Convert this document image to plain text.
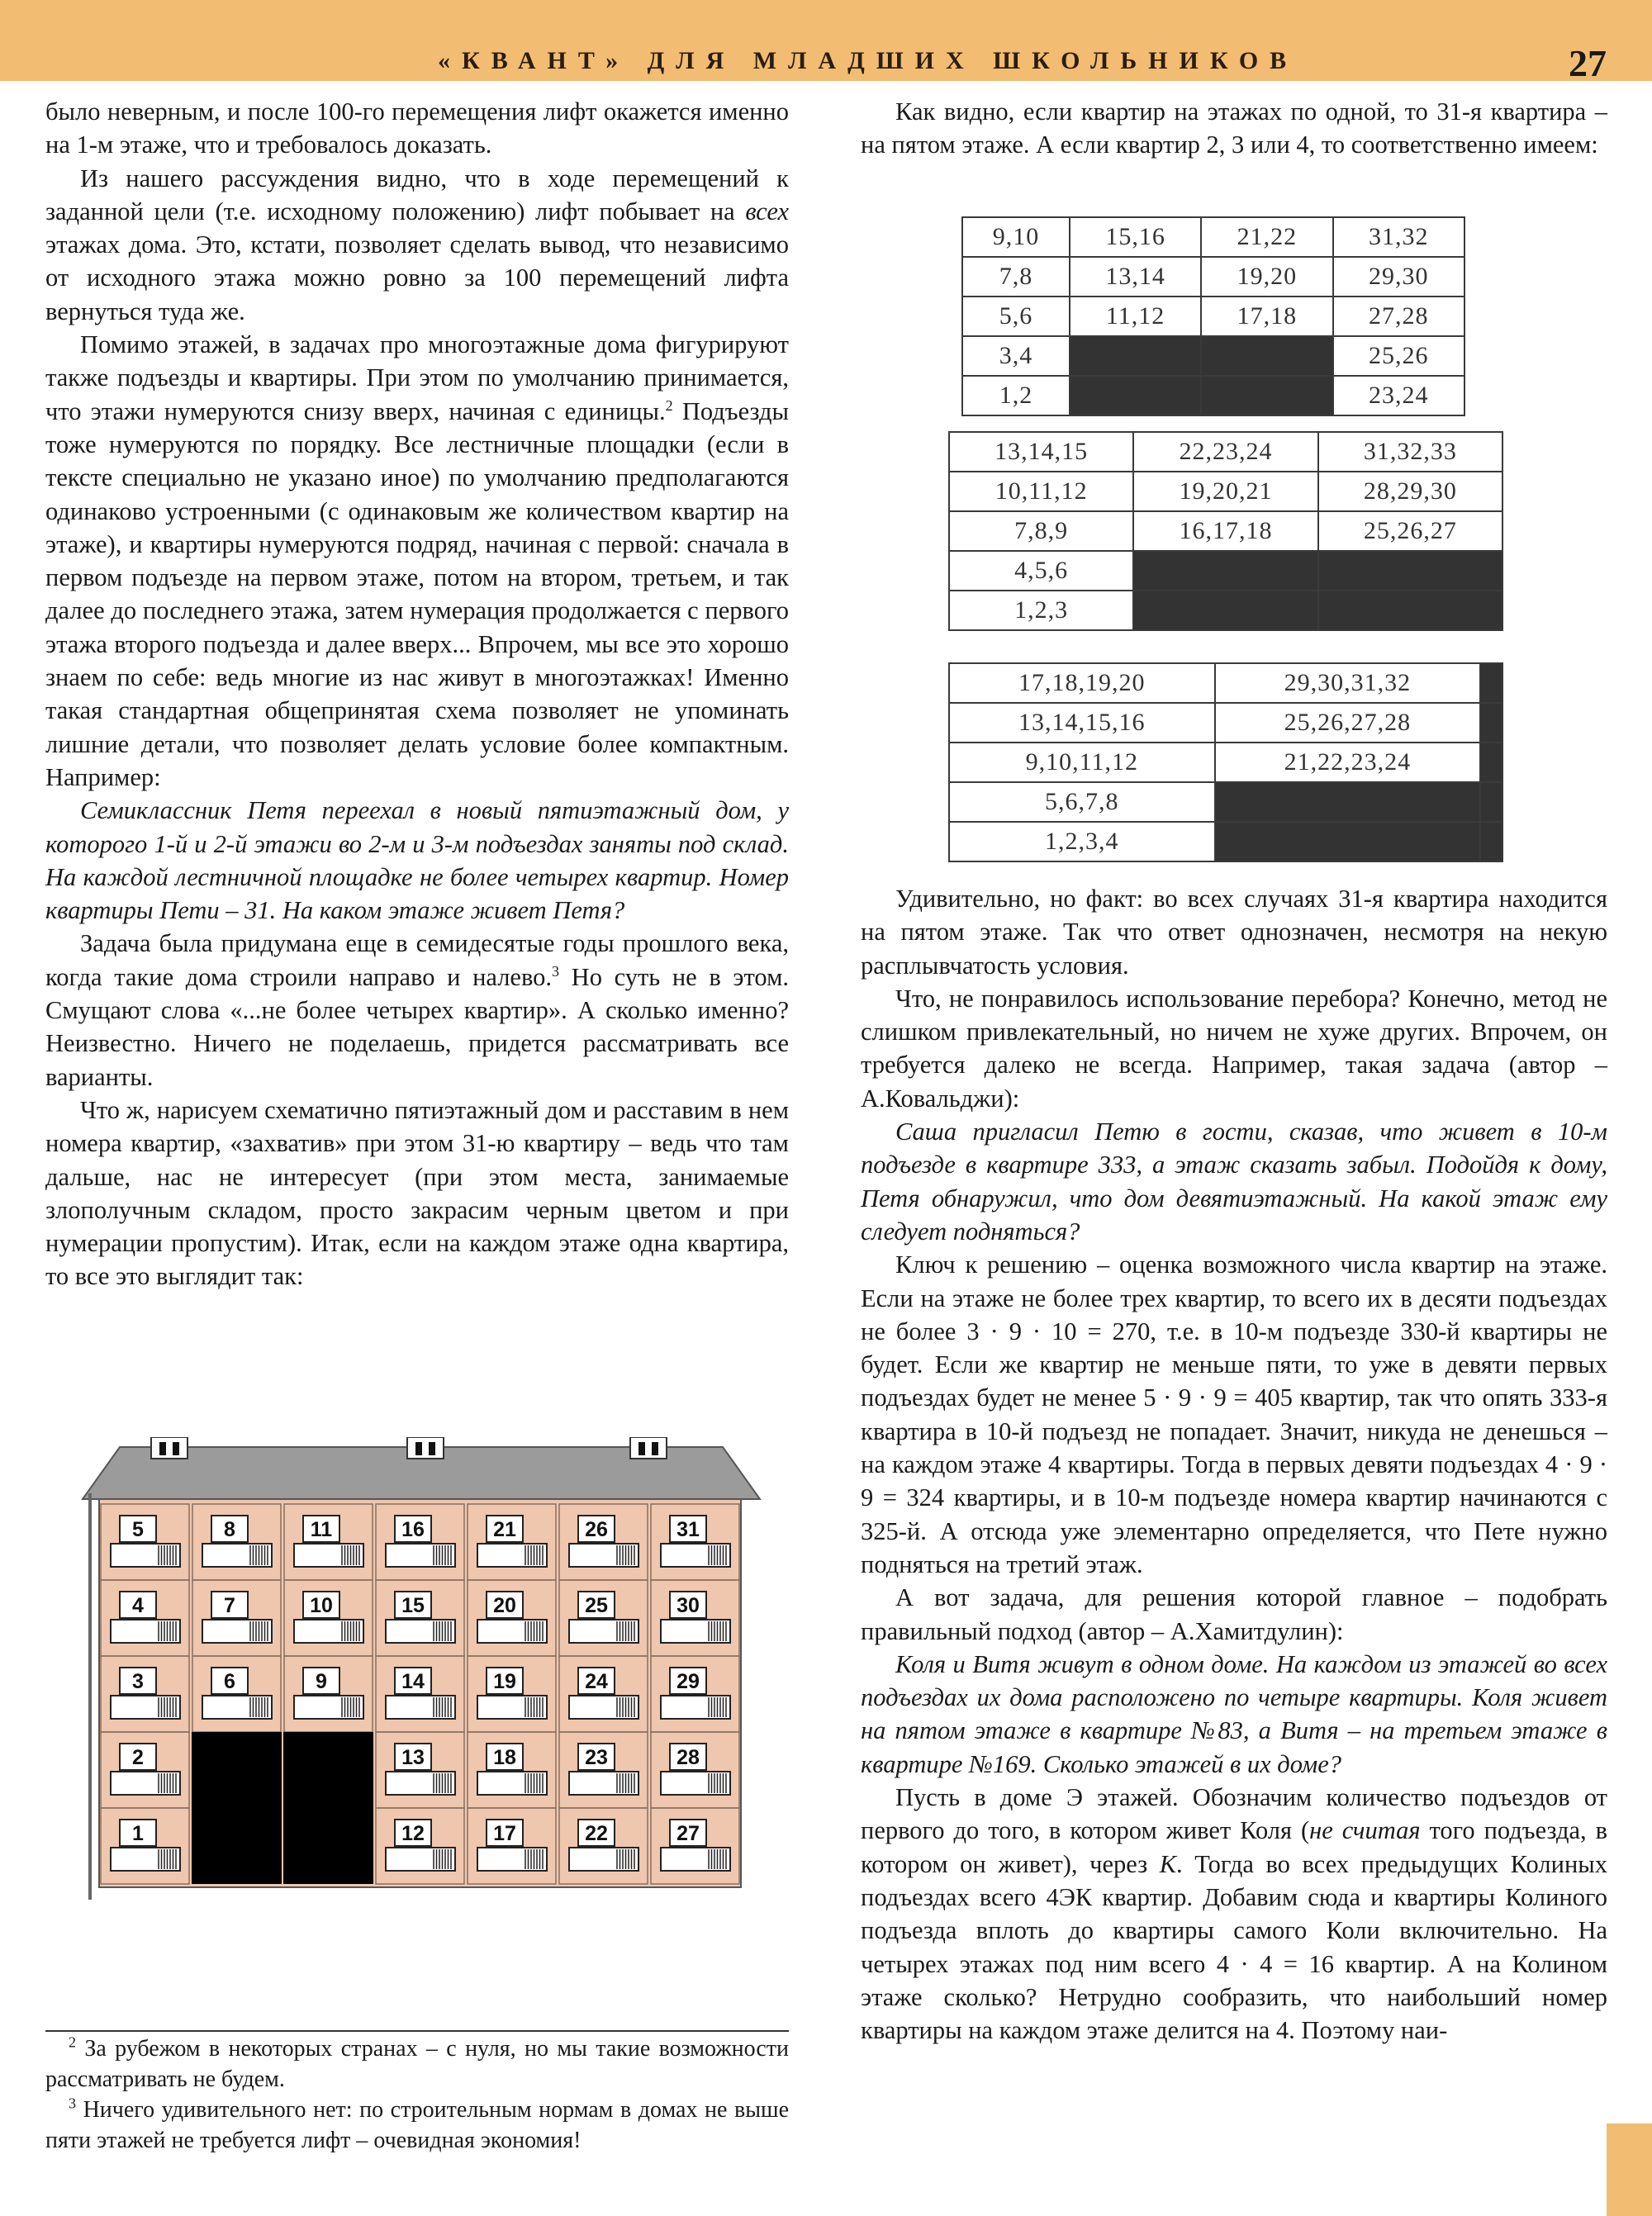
«КВАНТ» ДЛЯ МЛАДШИХ ШКОЛЬНИКОВ	27

было неверным, и после 100-го перемещения лифт окажется именно на 1-м этаже, что и требовалось доказать.

Из нашего рассуждения видно, что в ходе перемещений к заданной цели (т.е. исходному положению) лифт побывает на всех этажах дома. Это, кстати, позволяет сделать вывод, что независимо от исходного этажа можно ровно за 100 перемещений лифта вернуться туда же.

Помимо этажей, в задачах про многоэтажные дома фигурируют также подъезды и квартиры. При этом по умолчанию принимается, что этажи нумеруются снизу вверх, начиная с единицы.$^2$ Подъезды тоже нумеруются по порядку. Все лестничные площадки (если в тексте специально не указано иное) по умолчанию предполагаются одинаково устроенными (с одинаковым же количеством квартир на этаже), и квартиры нумеруются подряд, начиная с первой: сначала в первом подъезде на первом этаже, потом на втором, третьем, и так далее до последнего этажа, затем нумерация продолжается с первого этажа второго подъезда и далее вверх... Впрочем, мы все это хорошо знаем по себе: ведь многие из нас живут в многоэтажках! Именно такая стандартная общепринятая схема позволяет не упоминать лишние детали, что позволяет делать условие более компактным. Например:

Семиклассник Петя переехал в новый пятиэтажный дом, у которого 1-й и 2-й этажи во 2-м и 3-м подъездах заняты под склад. На каждой лестничной площадке не более четырех квартир. Номер квартиры Пети – 31. На каком этаже живет Петя?

Задача была придумана еще в семидесятые годы прошлого века, когда такие дома строили направо и налево.$^3$ Но суть не в этом. Смущают слова «...не более четырех квартир». А сколько именно? Неизвестно. Ничего не поделаешь, придется рассматривать все варианты.

Что ж, нарисуем схематично пятиэтажный дом и расставим в нем номера квартир, «захватив» при этом 31-ю квартиру – ведь что там дальше, нас не интересует (при этом места, занимаемые злополучным складом, просто закрасим черным цветом и при нумерации пропустим). Итак, если на каждом этаже одна квартира, то все это выглядит так:

5
4
3
2
1
8
7
6
11
10
9
16
15
14
13
12
21
20
19
18
17
26
25
24
23
22
31
30
29
28
27

 $^2$ За рубежом в некоторых странах – с нуля, но мы такие возможности рассматривать не будем.

 $^3$ Ничего удивительного нет: по строительным нормам в домах не выше пяти этажей не требуется лифт – очевидная экономия!

Как видно, если квартир на этажах по одной, то 31-я квартира – на пятом этаже. А если квартир 2, 3 или 4, то соответственно имеем:

9,10	15,16	21,22	31,32
7,8	13,14	19,20	29,30
5,6	11,12	17,18	27,28
3,4			25,26
1,2			23,24
13,14,15	22,23,24	31,32,33
10,11,12	19,20,21	28,29,30
7,8,9	16,17,18	25,26,27
4,5,6		
1,2,3		
17,18,19,20	29,30,31,32	
13,14,15,16	25,26,27,28	
9,10,11,12	21,22,23,24	
5,6,7,8		
1,2,3,4		

Удивительно, но факт: во всех случаях 31-я квартира находится на пятом этаже. Так что ответ однозначен, несмотря на некую расплывчатость условия.

Что, не понравилось использование перебора? Конечно, метод не слишком привлекательный, но ничем не хуже других. Впрочем, он требуется далеко не всегда. Например, такая задача (автор – А.Ковальджи):

Саша пригласил Петю в гости, сказав, что живет в 10-м подъезде в квартире 333, а этаж сказать забыл. Подойдя к дому, Петя обнаружил, что дом девятиэтажный. На какой этаж ему следует подняться?

Ключ к решению – оценка возможного числа квартир на этаже. Если на этаже не более трех квартир, то всего их в десяти подъездах не более 3 · 9 · 10 = 270, т.е. в 10-м подъезде 330-й квартиры не будет. Если же квартир не меньше пяти, то уже в девяти первых подъездах будет не менее 5 · 9 · 9 = 405 квартир, так что опять 333-я квартира в 10-й подъезд не попадает. Значит, никуда не денешься – на каждом этаже 4 квартиры. Тогда в первых девяти подъездах 4 · 9 · 9 = 324 квартиры, и в 10-м подъезде номера квартир начинаются с 325-й. А отсюда уже элементарно определяется, что Пете нужно подняться на третий этаж.

А вот задача, для решения которой главное – подобрать правильный подход (автор – А.Хамитдулин):

Коля и Витя живут в одном доме. На каждом из этажей во всех подъездах их дома расположено по четыре квартиры. Коля живет на пятом этаже в квартире №83, а Витя – на третьем этаже в квартире №169. Сколько этажей в их доме?

Пусть в доме Э этажей. Обозначим количество подъездов от первого до того, в котором живет Коля (не считая того подъезда, в котором он живет), через К. Тогда во всех предыдущих Колиных подъездах всего 4ЭК квартир. Добавим сюда и квартиры Колиного подъезда вплоть до квартиры самого Коли включительно. На четырех этажах под ним всего 4 · 4 = 16 квартир. А на Колином этаже сколько? Нетрудно сообразить, что наибольший номер квартиры на каждом этаже делится на 4. Поэтому наи-
